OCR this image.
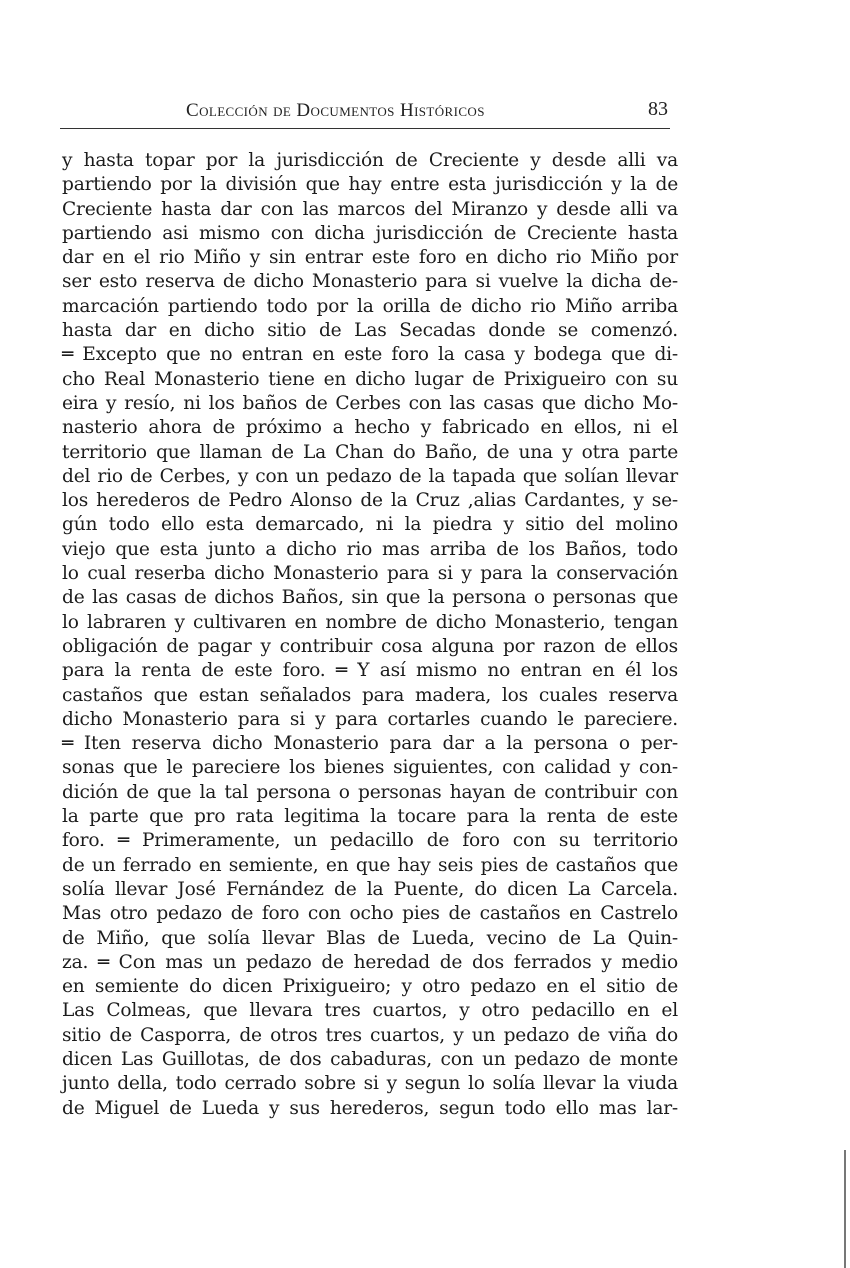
Colección de Documentos Históricos	83
y hasta topar por la jurisdicción de Creciente y desde alli va
partiendo por la división que hay entre esta jurisdicción y la de
Creciente hasta dar con las marcos del Miranzo y desde alli va
partiendo asi mismo con dicha jurisdicción de Creciente hasta
dar en el rio Miño y sin entrar este foro en dicho rio Miño por
ser esto reserva de dicho Monasterio para si vuelve la dicha de-
marcación partiendo todo por la orilla de dicho rio Miño arriba
hasta dar en dicho sitio de Las Secadas donde se comenzó.
═ Excepto que no entran en este foro la casa y bodega que di-
cho Real Monasterio tiene en dicho lugar de Prixigueiro con su
eira y resío, ni los baños de Cerbes con las casas que dicho Mo-
nasterio ahora de próximo a hecho y fabricado en ellos, ni el
territorio que llaman de La Chan do Baño, de una y otra parte
del rio de Cerbes, y con un pedazo de la tapada que solían llevar
los herederos de Pedro Alonso de la Cruz ,alias Cardantes, y se-
gún todo ello esta demarcado, ni la piedra y sitio del molino
viejo que esta junto a dicho rio mas arriba de los Baños, todo
lo cual reserba dicho Monasterio para si y para la conservación
de las casas de dichos Baños, sin que la persona o personas que
lo labraren y cultivaren en nombre de dicho Monasterio, tengan
obligación de pagar y contribuir cosa alguna por razon de ellos
para la renta de este foro. ═ Y así mismo no entran en él los
castaños que estan señalados para madera, los cuales reserva
dicho Monasterio para si y para cortarles cuando le pareciere.
═ Iten reserva dicho Monasterio para dar a la persona o per-
sonas que le pareciere los bienes siguientes, con calidad y con-
dición de que la tal persona o personas hayan de contribuir con
la parte que pro rata legitima la tocare para la renta de este
foro. ═ Primeramente, un pedacillo de foro con su territorio
de un ferrado en semiente, en que hay seis pies de castaños que
solía llevar José Fernández de la Puente, do dicen La Carcela.
Mas otro pedazo de foro con ocho pies de castaños en Castrelo
de Miño, que solía llevar Blas de Lueda, vecino de La Quin-
za. ═ Con mas un pedazo de heredad de dos ferrados y medio
en semiente do dicen Prixigueiro; y otro pedazo en el sitio de
Las Colmeas, que llevara tres cuartos, y otro pedacillo en el
sitio de Casporra, de otros tres cuartos, y un pedazo de viña do
dicen Las Guillotas, de dos cabaduras, con un pedazo de monte
junto della, todo cerrado sobre si y segun lo solía llevar la viuda
de Miguel de Lueda y sus herederos, segun todo ello mas lar-
